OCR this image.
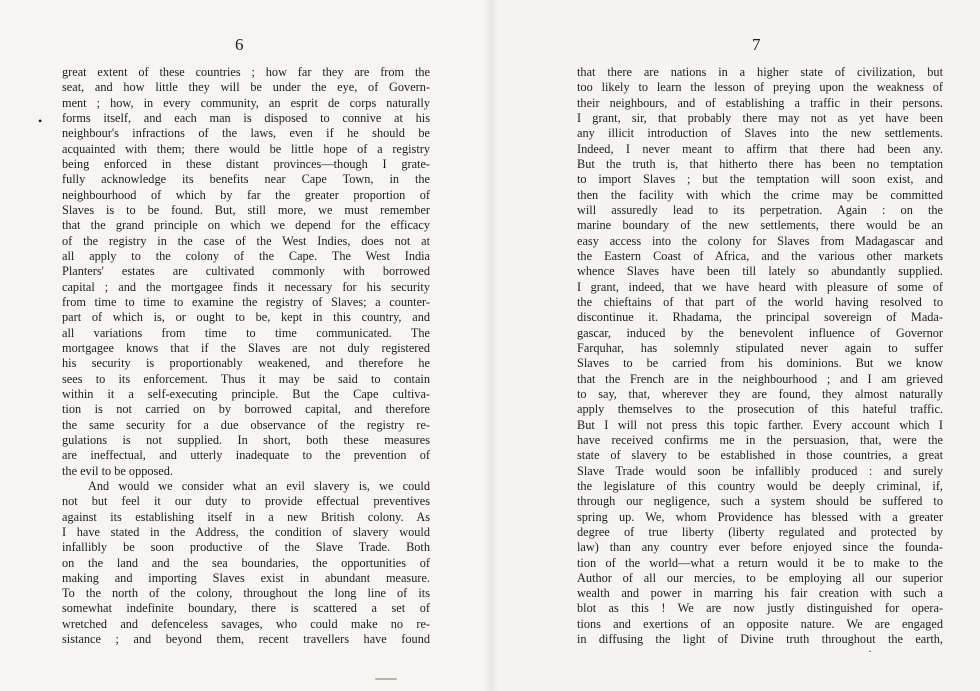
6
•
great extent of these countries ; how far they are from the
seat, and how little they will be under the eye, of Govern-
ment ; how, in every community, an esprit de corps naturally
forms itself, and each man is disposed to connive at his
neighbour's infractions of the laws, even if he should be
acquainted with them; there would be little hope of a registry
being enforced in these distant provinces—though I grate-
fully acknowledge its benefits near Cape Town, in the
neighbourhood of which by far the greater proportion of
Slaves is to be found. But, still more, we must remember
that the grand principle on which we depend for the efficacy
of the registry in the case of the West Indies, does not at
all apply to the colony of the Cape. The West India
Planters' estates are cultivated commonly with borrowed
capital ; and the mortgagee finds it necessary for his security
from time to time to examine the registry of Slaves; a counter-
part of which is, or ought to be, kept in this country, and
all variations from time to time communicated. The
mortgagee knows that if the Slaves are not duly registered
his security is proportionably weakened, and therefore he
sees to its enforcement. Thus it may be said to contain
within it a self-executing principle. But the Cape cultiva-
tion is not carried on by borrowed capital, and therefore
the same security for a due observance of the registry re-
gulations is not supplied. In short, both these measures
are ineffectual, and utterly inadequate to the prevention of
the evil to be opposed.
And would we consider what an evil slavery is, we could
not but feel it our duty to provide effectual preventives
against its establishing itself in a new British colony. As
I have stated in the Address, the condition of slavery would
infallibly be soon productive of the Slave Trade. Both
on the land and the sea boundaries, the opportunities of
making and importing Slaves exist in abundant measure.
To the north of the colony, throughout the long line of its
somewhat indefinite boundary, there is scattered a set of
wretched and defenceless savages, who could make no re-
sistance ; and beyond them, recent travellers have found
7
that there are nations in a higher state of civilization, but
too likely to learn the lesson of preying upon the weakness of
their neighbours, and of establishing a traffic in their persons.
I grant, sir, that probably there may not as yet have been
any illicit introduction of Slaves into the new settlements.
Indeed, I never meant to affirm that there had been any.
But the truth is, that hitherto there has been no temptation
to import Slaves ; but the temptation will soon exist, and
then the facility with which the crime may be committed
will assuredly lead to its perpetration. Again : on the
marine boundary of the new settlements, there would be an
easy access into the colony for Slaves from Madagascar and
the Eastern Coast of Africa, and the various other markets
whence Slaves have been till lately so abundantly supplied.
I grant, indeed, that we have heard with pleasure of some of
the chieftains of that part of the world having resolved to
discontinue it. Rhadama, the principal sovereign of Mada-
gascar, induced by the benevolent influence of Governor
Farquhar, has solemnly stipulated never again to suffer
Slaves to be carried from his dominions. But we know
that the French are in the neighbourhood ; and I am grieved
to say, that, wherever they are found, they almost naturally
apply themselves to the prosecution of this hateful traffic.
But I will not press this topic farther. Every account which I
have received confirms me in the persuasion, that, were the
state of slavery to be established in those countries, a great
Slave Trade would soon be infallibly produced : and surely
the legislature of this country would be deeply criminal, if,
through our negligence, such a system should be suffered to
spring up. We, whom Providence has blessed with a greater
degree of true liberty (liberty regulated and protected by
law) than any country ever before enjoyed since the founda-
tion of the world—what a return would it be to make to the
Author of all our mercies, to be employing all our superior
wealth and power in marring his fair creation with such a
blot as this ! We are now justly distinguished for opera-
tions and exertions of an opposite nature. We are engaged
in diffusing the light of Divine truth throughout the earth,
·
